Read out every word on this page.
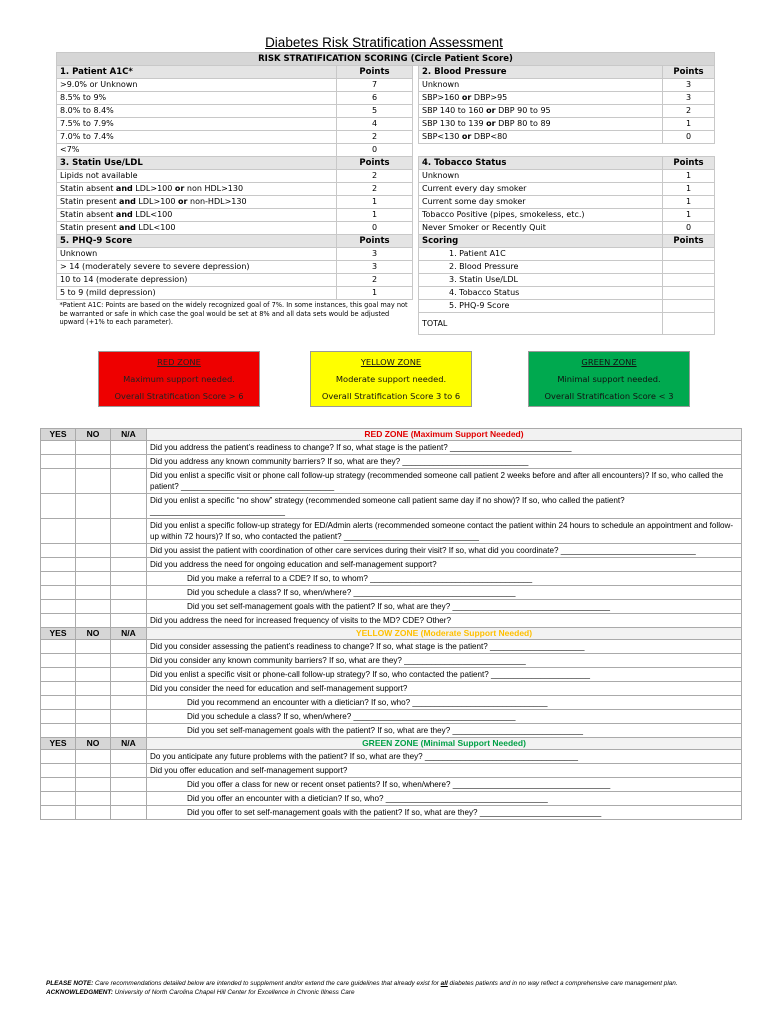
Diabetes Risk Stratification Assessment
RISK STRATIFICATION SCORING (Circle Patient Score)				
1. Patient A1C*	Points		2. Blood Pressure	Points
>9.0% or Unknown	7		Unknown	3
8.5% to 9%	6		SBP>160 or DBP>95	3
8.0% to 8.4%	5		SBP 140 to 160 or DBP 90 to 95	2
7.5% to 7.9%	4		SBP 130 to 139 or DBP 80 to 89	1
7.0% to 7.4%	2		SBP<130 or DBP<80	0
<7%	0			
3. Statin Use/LDL	Points		4. Tobacco Status	Points
Lipids not available	2		Unknown	1
Statin absent and LDL>100 or non HDL>130	2		Current every day smoker	1
Statin present and LDL>100 or non-HDL>130	1		Current some day smoker	1
Statin absent and LDL<100	1		Tobacco Positive (pipes, smokeless, etc.)	1
Statin present and LDL<100	0		Never Smoker or Recently Quit	0
5. PHQ-9 Score	Points		Scoring	Points
Unknown	3		1. Patient A1C	
> 14 (moderately severe to severe depression)	3		2. Blood Pressure	
10 to 14 (moderate depression)	2		3. Statin Use/LDL	
5 to 9 (mild depression)	1		4. Tobacco Status	
*Patient A1C: Points are based on the widely recognized goal of 7%. In some instances, this goal may not be warranted or safe in which case the goal would be set at 8% and all data sets would be adjusted upward (+1% to each parameter).			5. PHQ-9 Score	
			TOTAL	
RED ZONE
Maximum support needed.
Overall Stratification Score > 6
YELLOW ZONE
Moderate support needed.
Overall Stratification Score 3 to 6
GREEN ZONE
Minimal support needed.
Overall Stratification Score < 3
YES	NO	N/A	RED ZONE (Maximum Support Needed)
			Did you address the patient’s readiness to change? If so, what stage is the patient? ___________________________
			Did you address any known community barriers? If so, what are they? ____________________________
			Did you enlist a specific visit or phone call follow-up strategy (recommended someone call patient 2 weeks before and after all encounters)? If so, who called the patient? __________________________________
			Did you enlist a specific “no show” strategy (recommended someone call patient same day if no show)? If so, who called the patient? ______________________________
			Did you enlist a specific follow-up strategy for ED/Admin alerts (recommended someone contact the patient within 24 hours to schedule an appointment and follow-up within 72 hours)? If so, who contacted the patient? ______________________________
			Did you assist the patient with coordination of other care services during their visit? If so, what did you coordinate? ______________________________
			Did you address the need for ongoing education and self-management support?
			Did you make a referral to a CDE? If so, to whom? ____________________________________
			Did you schedule a class? If so, when/where? ____________________________________
			Did you set self-management goals with the patient? If so, what are they? ___________________________________
			Did you address the need for increased frequency of visits to the MD? CDE? Other?
YES	NO	N/A	YELLOW ZONE (Moderate Support Needed)
			Did you consider assessing the patient’s readiness to change? If so, what stage is the patient? _____________________
			Did you consider any known community barriers? If so, what are they? ___________________________
			Did you enlist a specific visit or phone-call follow-up strategy? If so, who contacted the patient? ______________________
			Did you consider the need for education and self-management support?
			Did you recommend an encounter with a dietician? If so, who? ______________________________
			Did you schedule a class? If so, when/where? ____________________________________
			Did you set self-management goals with the patient? If so, what are they? _____________________________
YES	NO	N/A	GREEN ZONE (Minimal Support Needed)
			Do you anticipate any future problems with the patient? If so, what are they? __________________________________
			Did you offer education and self-management support?
			Did you offer a class for new or recent onset patients? If so, when/where? ___________________________________
			Did you offer an encounter with a dietician? If so, who? ____________________________________
			Did you offer to set self-management goals with the patient? If so, what are they? ___________________________
PLEASE NOTE: Care recommendations detailed below are intended to supplement and/or extend the care guidelines that already exist for all diabetes patients and in no way reflect a comprehensive care management plan. ACKNOWLEDGMENT: University of North Carolina Chapel Hill Center for Excellence in Chronic Illness Care
